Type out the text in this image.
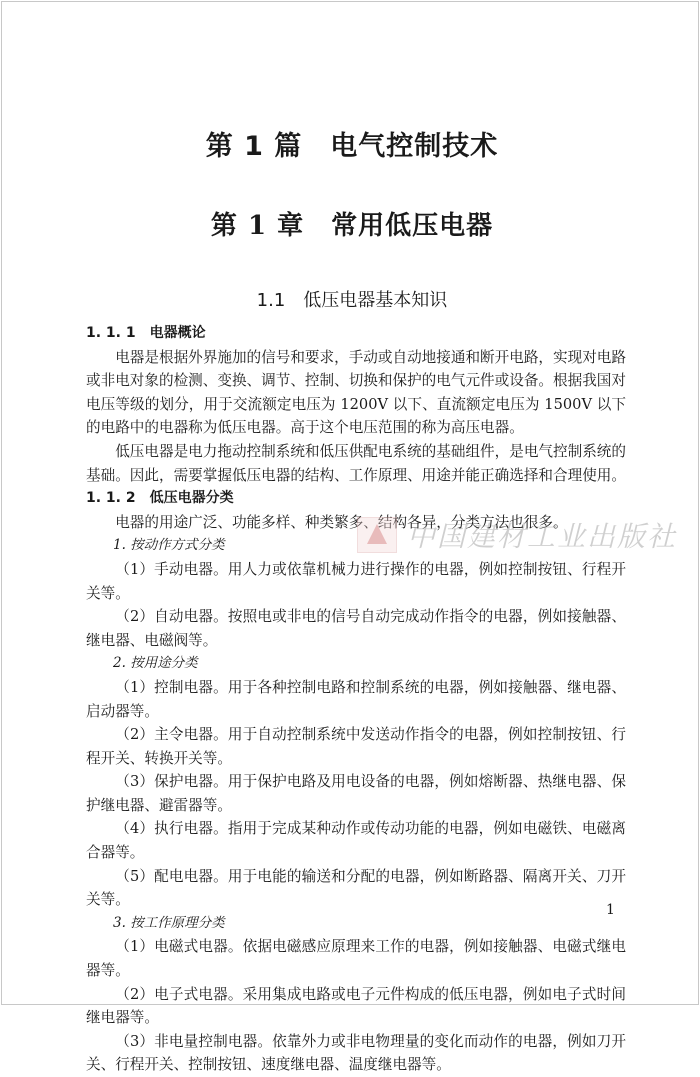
第 1 篇　电气控制技术
第 1 章　常用低压电器
1.1　低压电器基本知识

1. 1. 1　电器概论

电器是根据外界施加的信号和要求，手动或自动地接通和断开电路，实现对电路或非电对象的检测、变换、调节、控制、切换和保护的电气元件或设备。根据我国对电压等级的划分，用于交流额定电压为 1200V 以下、直流额定电压为 1500V 以下的电路中的电器称为低压电器。高于这个电压范围的称为高压电器。

低压电器是电力拖动控制系统和低压供配电系统的基础组件，是电气控制系统的基础。因此，需要掌握低压电器的结构、工作原理、用途并能正确选择和合理使用。

1. 1. 2　低压电器分类

电器的用途广泛、功能多样、种类繁多、结构各异，分类方法也很多。

1. 按动作方式分类

（1）手动电器。用人力或依靠机械力进行操作的电器，例如控制按钮、行程开关等。

（2）自动电器。按照电或非电的信号自动完成动作指令的电器，例如接触器、继电器、电磁阀等。

2. 按用途分类

（1）控制电器。用于各种控制电路和控制系统的电器，例如接触器、继电器、启动器等。

（2）主令电器。用于自动控制系统中发送动作指令的电器，例如控制按钮、行程开关、转换开关等。

（3）保护电器。用于保护电路及用电设备的电器，例如熔断器、热继电器、保护继电器、避雷器等。

（4）执行电器。指用于完成某种动作或传动功能的电器，例如电磁铁、电磁离合器等。

（5）配电电器。用于电能的输送和分配的电器，例如断路器、隔离开关、刀开关等。

3. 按工作原理分类

（1）电磁式电器。依据电磁感应原理来工作的电器，例如接触器、电磁式继电器等。

（2）电子式电器。采用集成电路或电子元件构成的低压电器，例如电子式时间继电器等。

（3）非电量控制电器。依靠外力或非电物理量的变化而动作的电器，例如刀开关、行程开关、控制按钮、速度继电器、温度继电器等。

中国建材工业出版社
1
